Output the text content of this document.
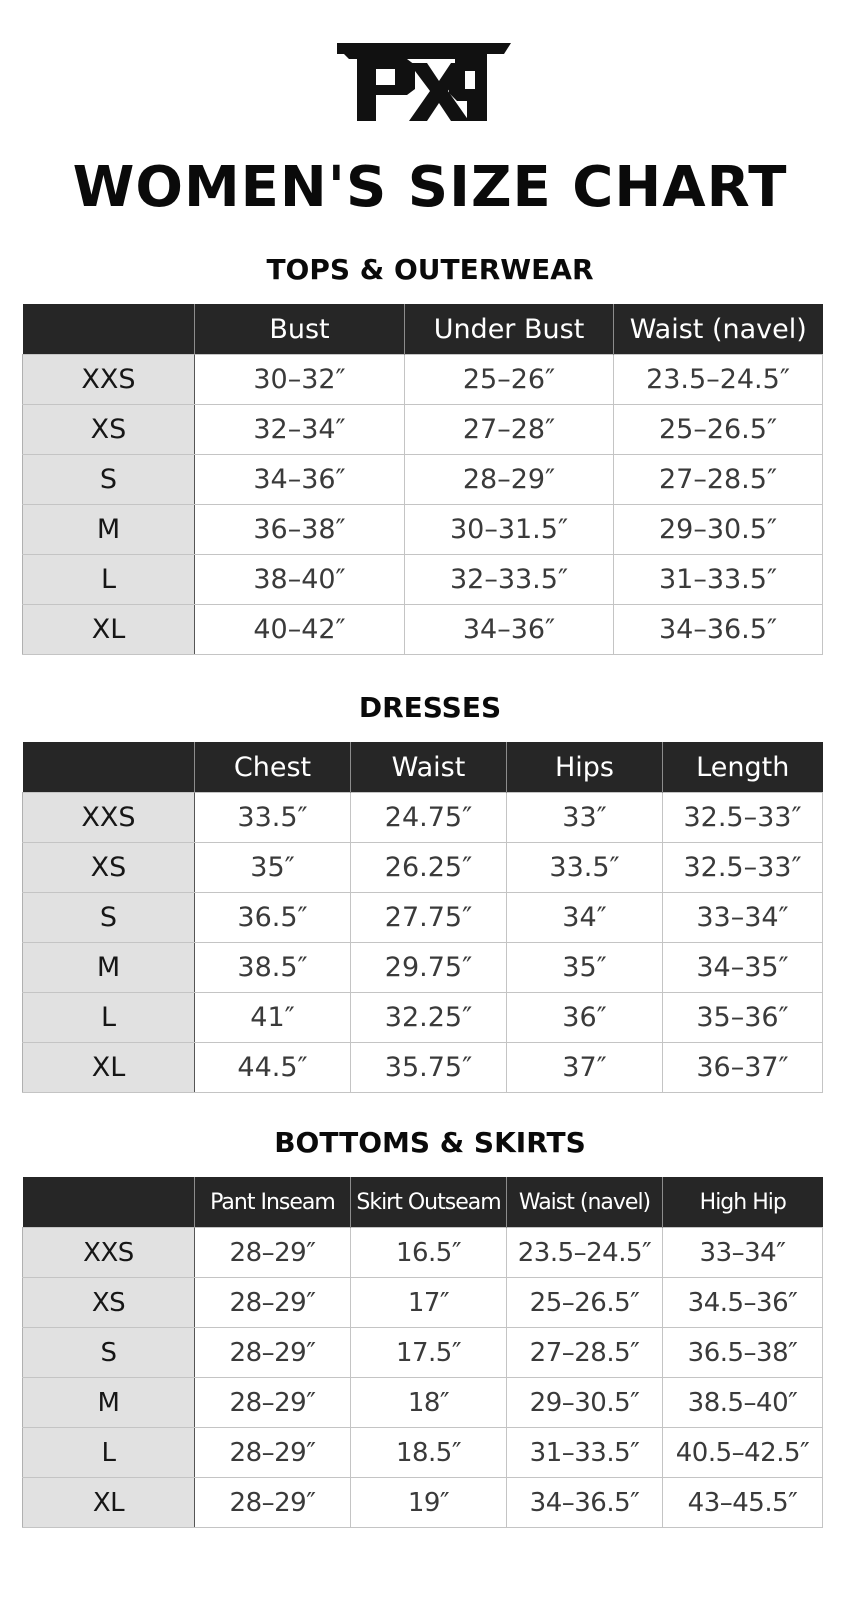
WOMEN'S SIZE CHART
TOPS & OUTERWEAR
	Bust	Under Bust	Waist (navel)
XXS	30–32″	25–26″	23.5–24.5″
XS	32–34″	27–28″	25–26.5″
S	34–36″	28–29″	27–28.5″
M	36–38″	30–31.5″	29–30.5″
L	38–40″	32–33.5″	31–33.5″
XL	40–42″	34–36″	34–36.5″
DRESSES
	Chest	Waist	Hips	Length
XXS	33.5″	24.75″	33″	32.5–33″
XS	35″	26.25″	33.5″	32.5–33″
S	36.5″	27.75″	34″	33–34″
M	38.5″	29.75″	35″	34–35″
L	41″	32.25″	36″	35–36″
XL	44.5″	35.75″	37″	36–37″
BOTTOMS & SKIRTS
	Pant Inseam	Skirt Outseam	Waist (navel)	High Hip
XXS	28–29″	16.5″	23.5–24.5″	33–34″
XS	28–29″	17″	25–26.5″	34.5–36″
S	28–29″	17.5″	27–28.5″	36.5–38″
M	28–29″	18″	29–30.5″	38.5–40″
L	28–29″	18.5″	31–33.5″	40.5–42.5″
XL	28–29″	19″	34–36.5″	43–45.5″
